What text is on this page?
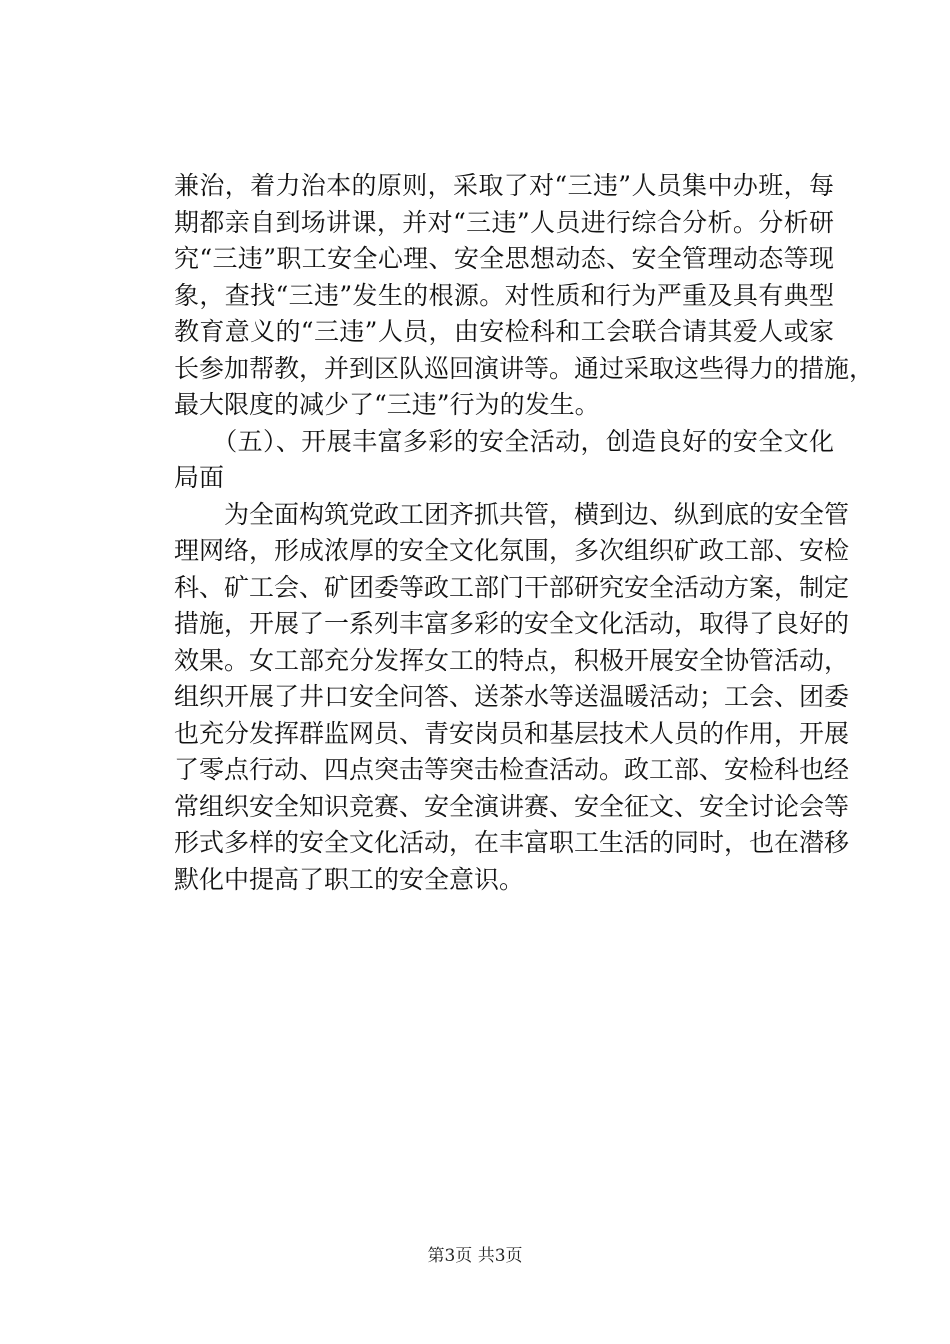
兼治，着力治本的原则，采取了对“三违”人员集中办班，每
期都亲自到场讲课，并对“三违”人员进行综合分析。分析研
究“三违”职工安全心理、安全思想动态、安全管理动态等现
象，查找“三违”发生的根源。对性质和行为严重及具有典型
教育意义的“三违”人员，由安检科和工会联合请其爱人或家
长参加帮教，并到区队巡回演讲等。通过采取这些得力的措施，
最大限度的减少了“三违”行为的发生。
　　（五）、开展丰富多彩的安全活动，创造良好的安全文化
局面
　　为全面构筑党政工团齐抓共管，横到边、纵到底的安全管
理网络，形成浓厚的安全文化氛围，多次组织矿政工部、安检
科、矿工会、矿团委等政工部门干部研究安全活动方案，制定
措施，开展了一系列丰富多彩的安全文化活动，取得了良好的
效果。女工部充分发挥女工的特点，积极开展安全协管活动，
组织开展了井口安全问答、送茶水等送温暖活动；工会、团委
也充分发挥群监网员、青安岗员和基层技术人员的作用，开展
了零点行动、四点突击等突击检查活动。政工部、安检科也经
常组织安全知识竞赛、安全演讲赛、安全征文、安全讨论会等
形式多样的安全文化活动，在丰富职工生活的同时，也在潜移
默化中提高了职工的安全意识。
第3页 共3页
